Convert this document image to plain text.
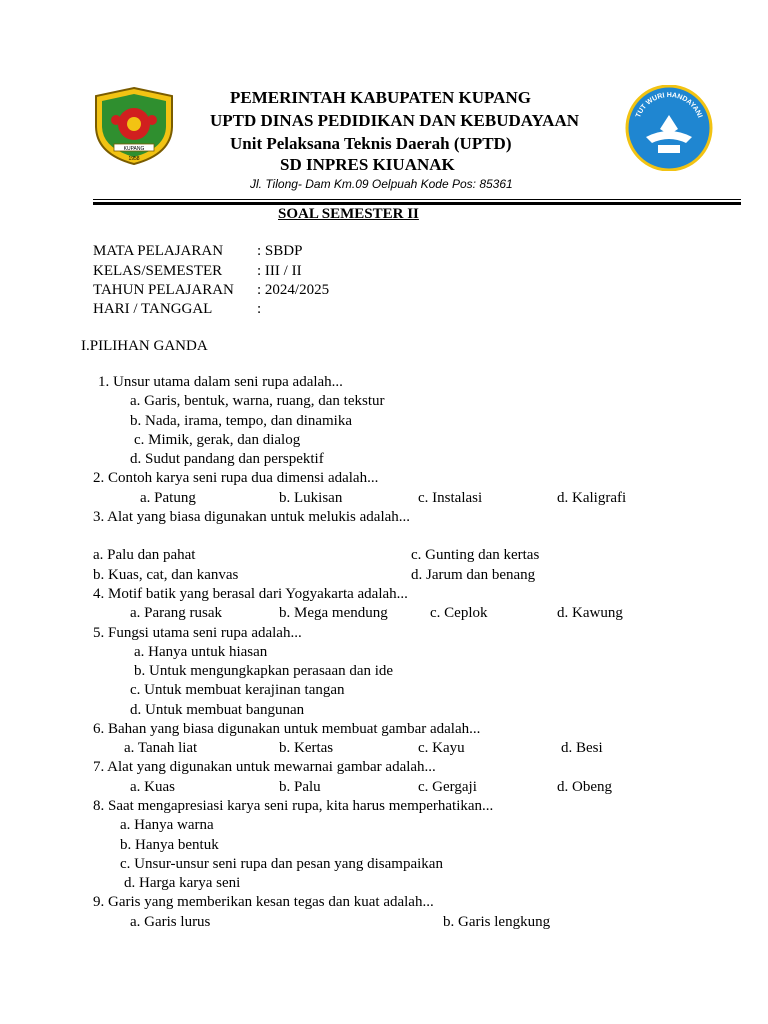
KUPANG
1958
TUT WURI HANDAYANI
PEMERINTAH KABUPATEN KUPANG
UPTD DINAS PEDIDIKAN DAN KEBUDAYAAN
Unit Pelaksana Teknis Daerah (UPTD)
SD INPRES KIUANAK
Jl. Tilong- Dam Km.09 Oelpuah Kode Pos: 85361
SOAL SEMESTER II
MATA PELAJARAN : SBDP
KELAS/SEMESTER : III / II
TAHUN PELAJARAN : 2024/2025
HARI / TANGGAL	:
I.PILIHAN GANDA
1. Unsur utama dalam seni rupa adalah...
a. Garis, bentuk, warna, ruang, dan tekstur
b. Nada, irama, tempo, dan dinamika
c. Mimik, gerak, dan dialog
d. Sudut pandang dan perspektif
2. Contoh karya seni rupa dua dimensi adalah...
a. Patung	b. Lukisan	c. Instalasi	d. Kaligrafi
3. Alat yang biasa digunakan untuk melukis adalah...
a. Palu dan pahat	c. Gunting dan kertas
b. Kuas, cat, dan kanvas	d. Jarum dan benang
4. Motif batik yang berasal dari Yogyakarta adalah...
a. Parang rusak	b. Mega mendung	c. Ceplok	d. Kawung
5. Fungsi utama seni rupa adalah...
a. Hanya untuk hiasan
b. Untuk mengungkapkan perasaan dan ide
c. Untuk membuat kerajinan tangan
d. Untuk membuat bangunan
6. Bahan yang biasa digunakan untuk membuat gambar adalah...
a. Tanah liat	b. Kertas	c. Kayu	d. Besi
7. Alat yang digunakan untuk mewarnai gambar adalah...
a. Kuas	b. Palu	c. Gergaji	d. Obeng
8. Saat mengapresiasi karya seni rupa, kita harus memperhatikan...
a. Hanya warna
b. Hanya bentuk
c. Unsur-unsur seni rupa dan pesan yang disampaikan
d. Harga karya seni
9. Garis yang memberikan kesan tegas dan kuat adalah...
a. Garis lurus	b. Garis lengkung
